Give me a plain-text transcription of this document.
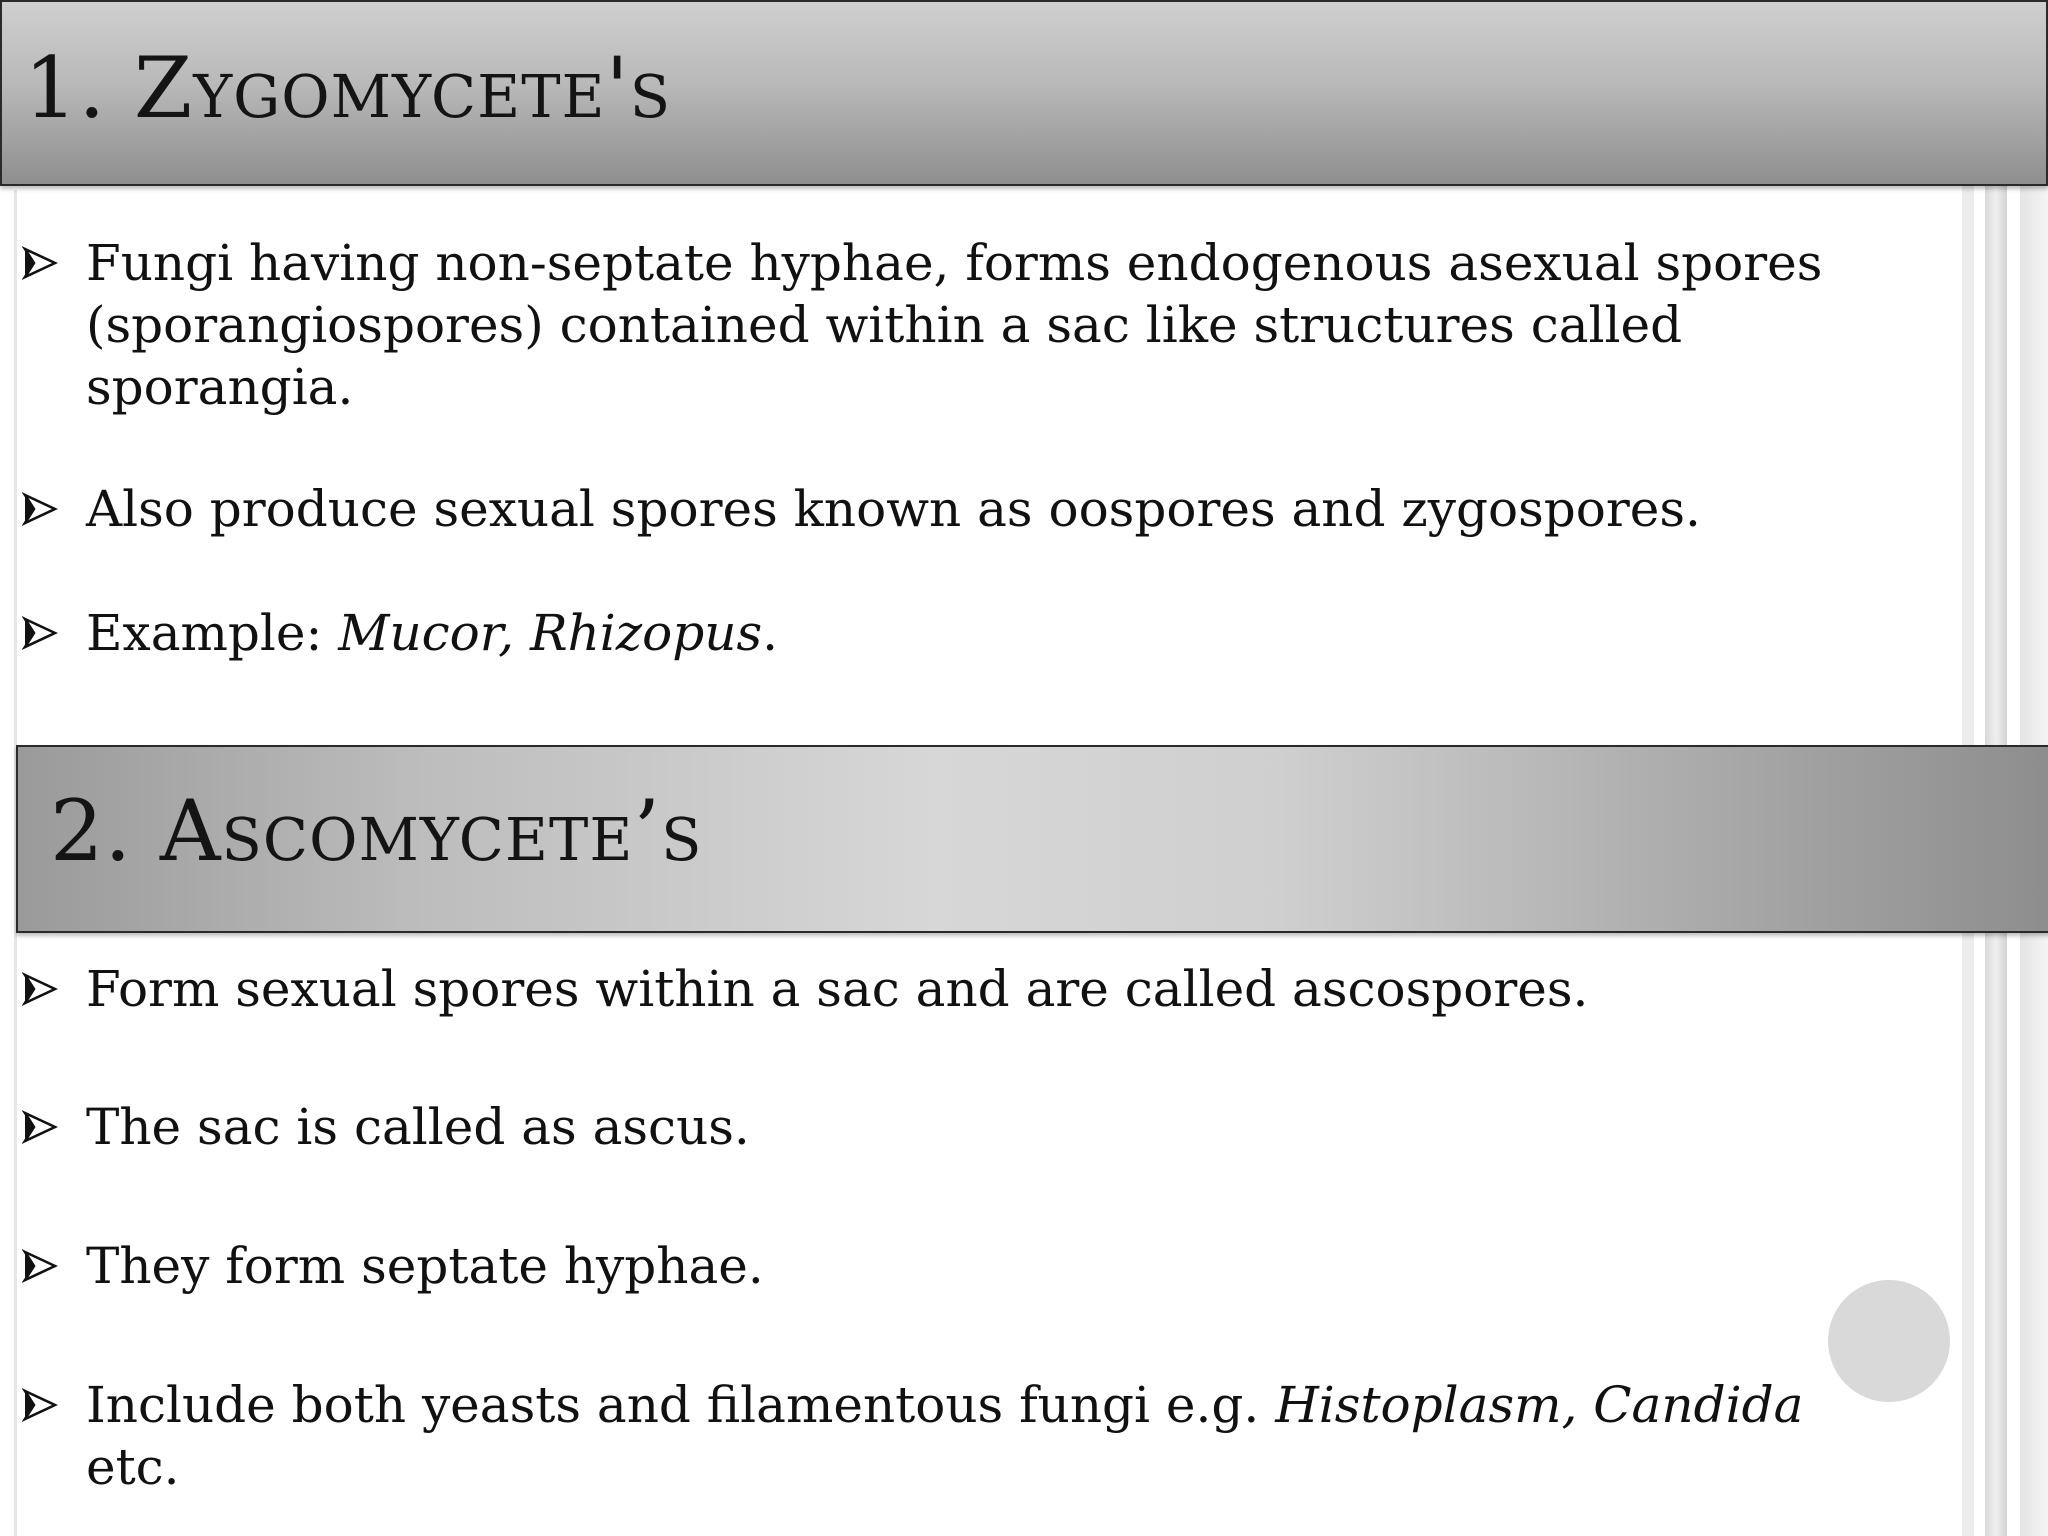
1. Zygomycete's
Fungi having non-septate hyphae, forms endogenous asexual spores (sporangiospores) contained within a sac like structures called sporangia.
Also produce sexual spores known as oospores and zygospores.
Example: Mucor, Rhizopus.
2. Ascomycete’s
Form sexual spores within a sac and are called ascospores.
The sac is called as ascus.
They form septate hyphae.
Include both yeasts and filamentous fungi e.g. Histoplasm, Candida etc.
